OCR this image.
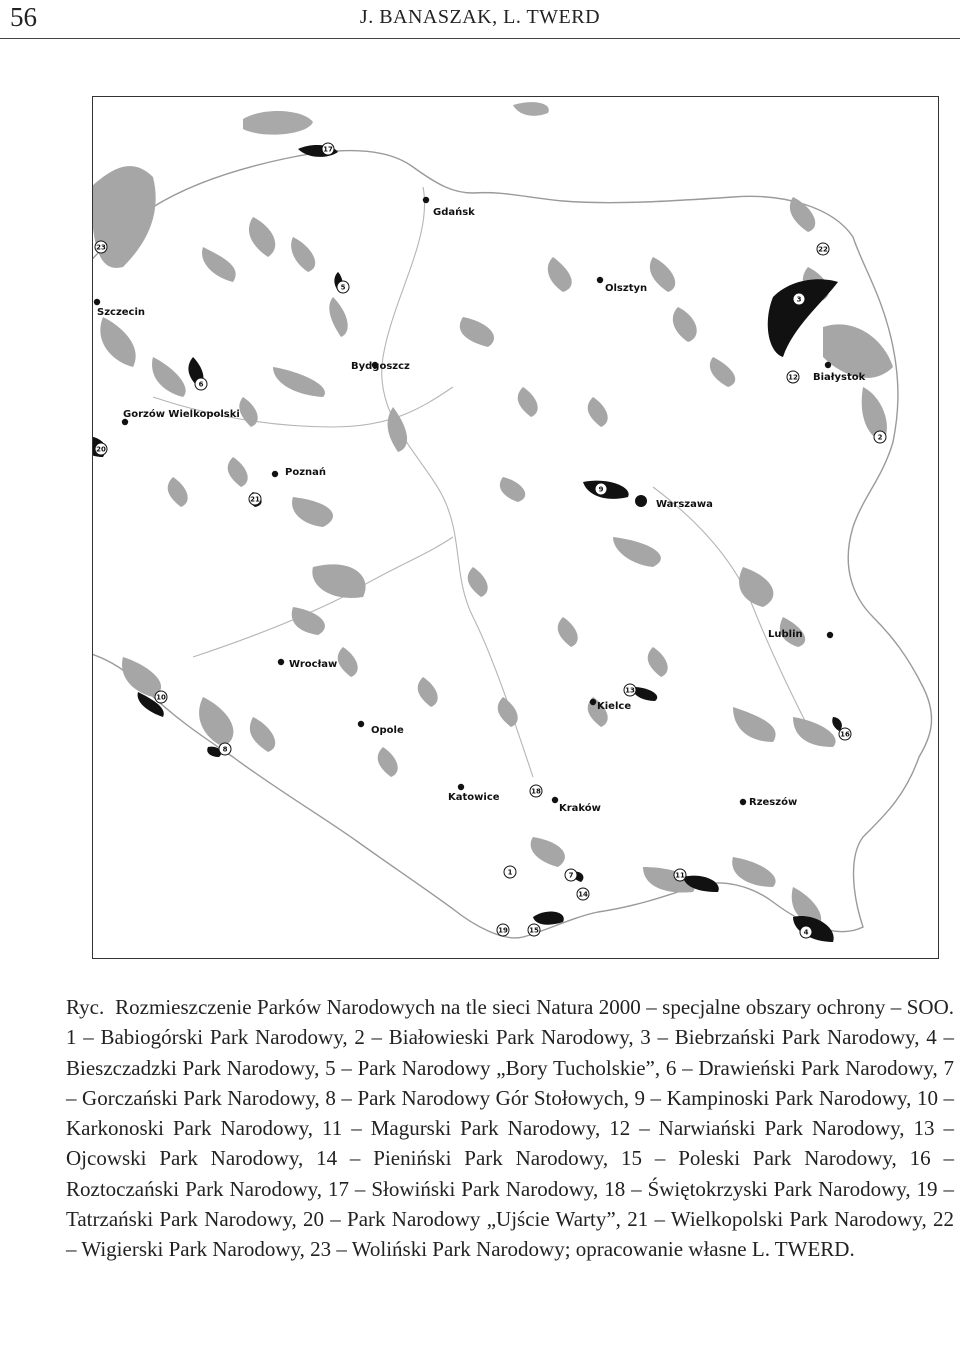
56	J. BANASZAK, L. TWERD
1
2
3
4
5
6
7
8
9
10
11
12
13
14
15
16
17
18
19
20
21
22
23
Gdańsk
Olsztyn
Szczecin
Bydgoszcz
Białystok
Gorzów Wielkopolski
Poznań
Warszawa
Lublin
Wrocław
Opole
Kielce
Katowice
Kraków
Rzeszów

Ryc. Rozmieszczenie Parków Narodowych na tle sieci Natura 2000 – specjalne obszary ochrony – SOO. 1 – Babiogórski Park Narodowy, 2 – Białowieski Park Narodowy, 3 – Biebrzański Park Narodowy, 4 – Bieszczadzki Park Narodowy, 5 – Park Narodowy „Bory Tucholskie”, 6 – Drawieński Park Narodowy, 7 – Gorczański Park Narodowy, 8 – Park Narodowy Gór Stołowych, 9 – Kampinoski Park Narodowy, 10 – Karkonoski Park Narodowy, 11 – Magurski Park Narodowy, 12 – Narwiański Park Narodowy, 13 – Ojcowski Park Narodowy, 14 – Pieniński Park Narodowy, 15 – Poleski Park Narodowy, 16 – Roztoczański Park Narodowy, 17 – Słowiński Park Narodowy, 18 – Świętokrzyski Park Narodowy, 19 – Tatrzański Park Narodowy, 20 – Park Narodowy „Ujście Warty”, 21 – Wielkopolski Park Narodowy, 22 – Wigierski Park Narodowy, 23 – Woliński Park Narodowy; opracowanie własne L. TWERD.
